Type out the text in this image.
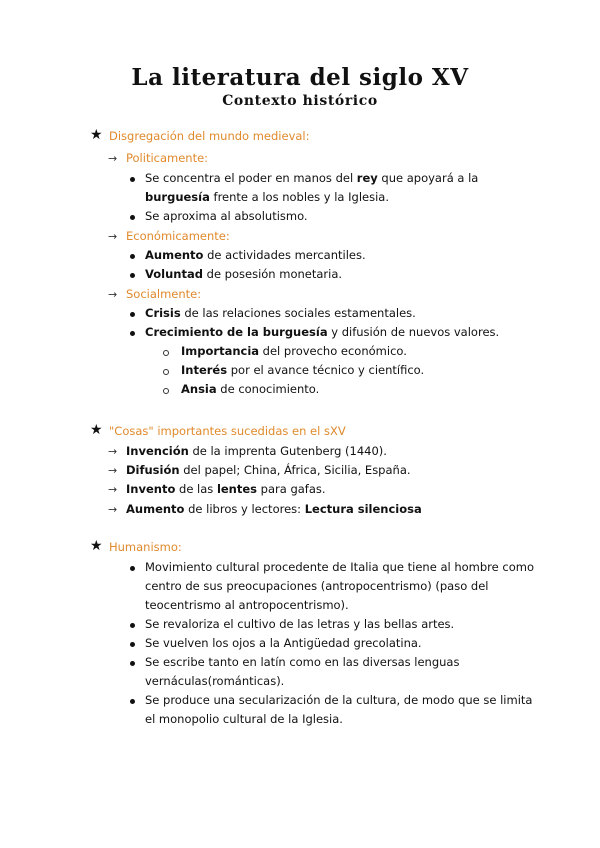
La literatura del siglo XV
Contexto histórico
★ Disgregación del mundo medieval:
→ Politicamente:
Se concentra el poder en manos del rey que apoyará a la
burguesía frente a los nobles y la Iglesia.
Se aproxima al absolutismo.
→ Económicamente:
Aumento de actividades mercantiles.
Voluntad de posesión monetaria.
→ Socialmente:
Crisis de las relaciones sociales estamentales.
Crecimiento de la burguesía y difusión de nuevos valores.
Importancia del provecho económico.
Interés por el avance técnico y científico.
Ansia de conocimiento.
★ "Cosas" importantes sucedidas en el sXV
→ Invención de la imprenta Gutenberg (1440).
→ Difusión del papel; China, África, Sicilia, España.
→ Invento de las lentes para gafas.
→ Aumento de libros y lectores: Lectura silenciosa
★ Humanismo:
Movimiento cultural procedente de Italia que tiene al hombre como
centro de sus preocupaciones (antropocentrismo) (paso del
teocentrismo al antropocentrismo).
Se revaloriza el cultivo de las letras y las bellas artes.
Se vuelven los ojos a la Antigüedad grecolatina.
Se escribe tanto en latín como en las diversas lenguas
vernáculas(románticas).
Se produce una secularización de la cultura, de modo que se limita
el monopolio cultural de la Iglesia.
